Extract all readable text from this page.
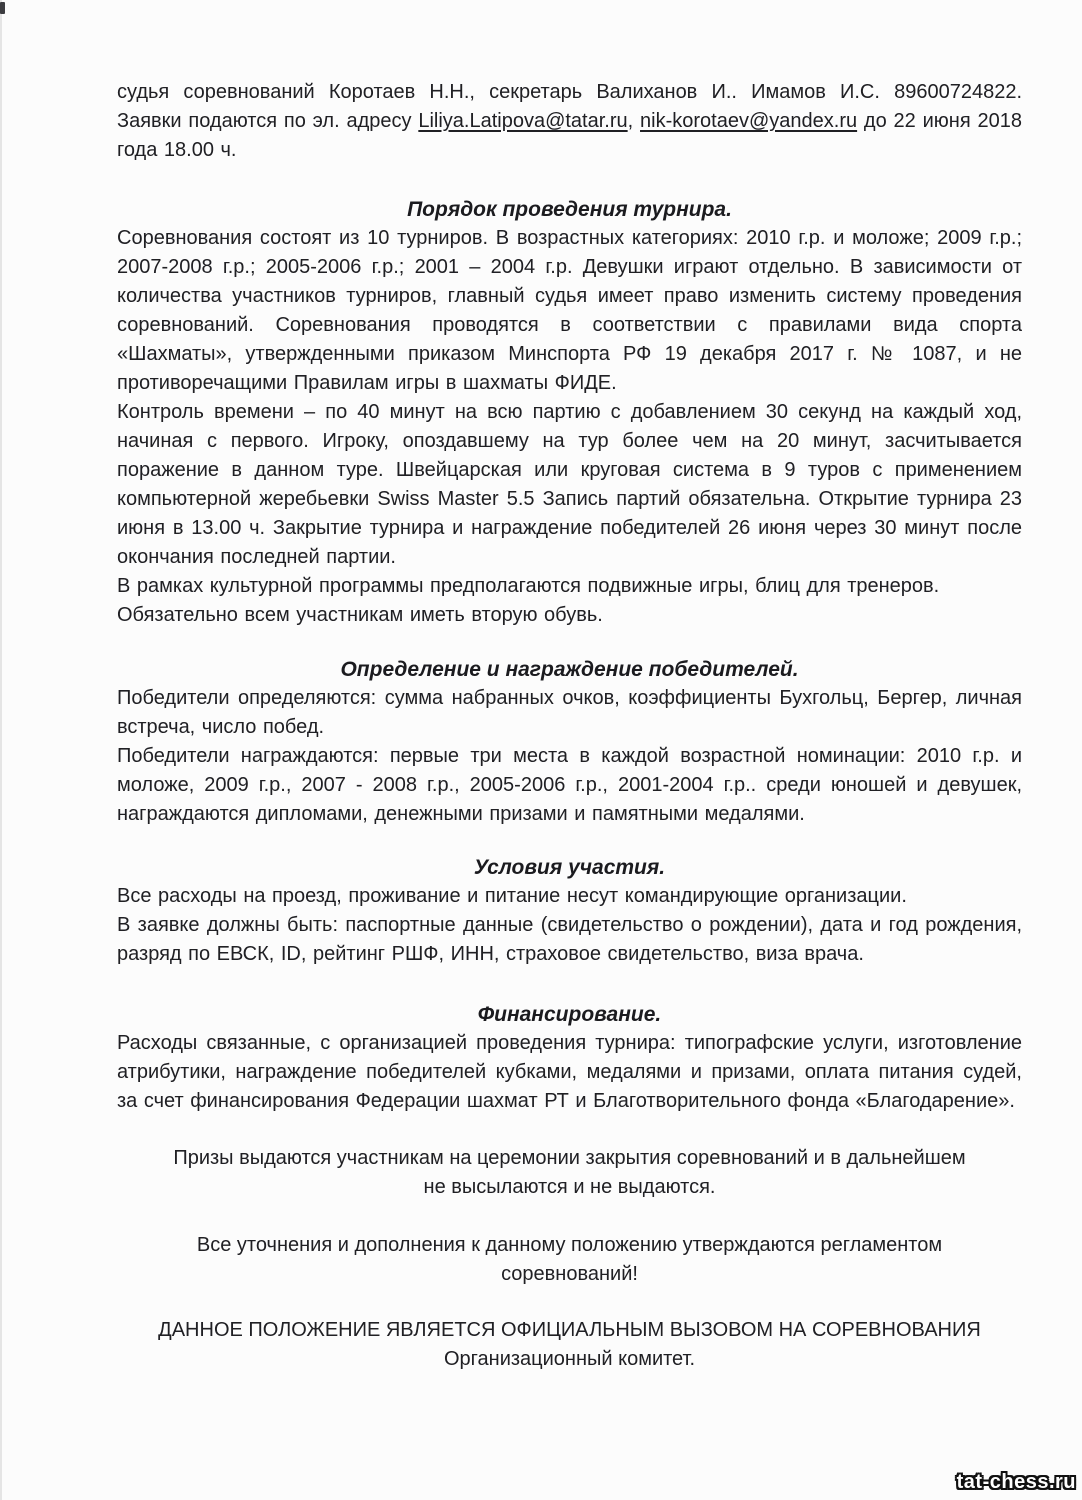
судья соревнований Коротаев Н.Н., секретарь Валиханов И.. Имамов И.С. 89600724822. Заявки подаются по эл. адресу Liliya.Latipova@tatar.ru, nik-korotaev@yandex.ru до 22 июня 2018 года 18.00 ч.

Порядок проведения турнира.

Соревнования состоят из 10 турниров. В возрастных категориях: 2010 г.р. и моложе; 2009 г.р.; 2007-2008 г.р.; 2005-2006 г.р.; 2001 – 2004 г.р. Девушки играют отдельно. В зависимости от количества участников турниров, главный судья имеет право изменить систему проведения соревнований. Соревнования проводятся в соответствии с правилами вида спорта «Шахматы», утвержденными приказом Минспорта РФ 19 декабря 2017 г. № 1087, и не противоречащими Правилам игры в шахматы ФИДЕ.

Контроль времени – по 40 минут на всю партию с добавлением 30 секунд на каждый ход, начиная с первого. Игроку, опоздавшему на тур более чем на 20 минут, засчитывается поражение в данном туре. Швейцарская или круговая система в 9 туров с применением компьютерной жеребьевки Swiss Master 5.5 Запись партий обязательна. Открытие турнира 23 июня в 13.00 ч. Закрытие турнира и награждение победителей 26 июня через 30 минут после окончания последней партии.

В рамках культурной программы предполагаются подвижные игры, блиц для тренеров.

Обязательно всем участникам иметь вторую обувь.

Определение и награждение победителей.

Победители определяются: сумма набранных очков, коэффициенты Бухгольц, Бергер, личная встреча, число побед.

Победители награждаются: первые три места в каждой возрастной номинации: 2010 г.р. и моложе, 2009 г.р., 2007 - 2008 г.р., 2005-2006 г.р., 2001-2004 г.р.. среди юношей и девушек, награждаются дипломами, денежными призами и памятными медалями.

Условия участия.

Все расходы на проезд, проживание и питание несут командирующие организации.

В заявке должны быть: паспортные данные (свидетельство о рождении), дата и год рождения, разряд по ЕВСК, ID, рейтинг РШФ, ИНН, страховое свидетельство, виза врача.

Финансирование.

Расходы связанные, с организацией проведения турнира: типографские услуги, изготовление атрибутики, награждение победителей кубками, медалями и призами, оплата питания судей, за счет финансирования Федерации шахмат РТ и Благотворительного фонда «Благодарение».

Призы выдаются участникам на церемонии закрытия соревнований и в дальнейшем
не высылаются и не выдаются.
Все уточнения и дополнения к данному положению утверждаются регламентом
соревнований!
ДАННОЕ ПОЛОЖЕНИЕ ЯВЛЯЕТСЯ ОФИЦИАЛЬНЫМ ВЫЗОВОМ НА СОРЕВНОВАНИЯ
Организационный комитет.
tat-chess.ru
